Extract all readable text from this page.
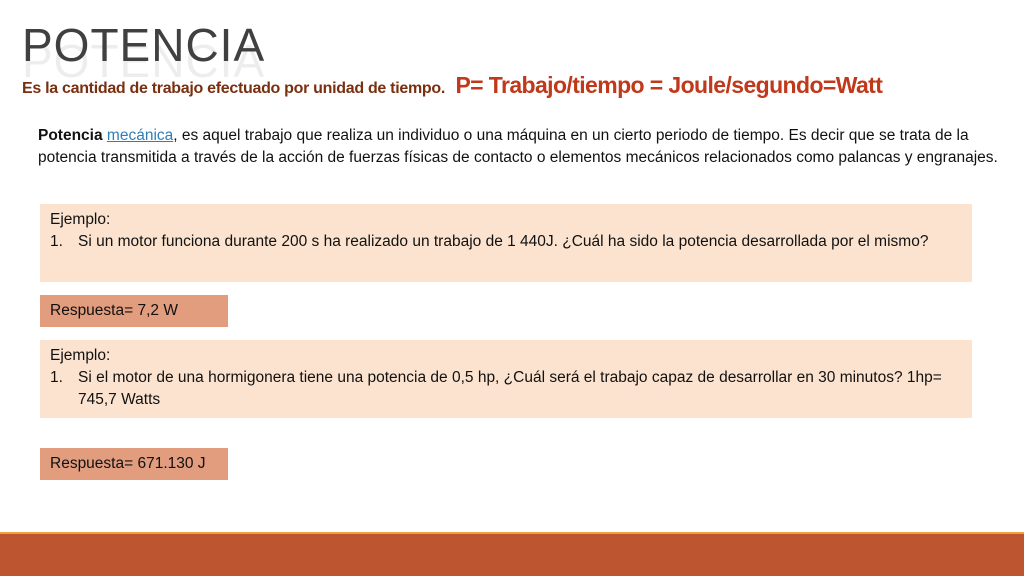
POTENCIA
Es la cantidad de trabajo efectuado por unidad de tiempo. P= Trabajo/tiempo = Joule/segundo=Watt
Potencia mecánica, es aquel trabajo que realiza un individuo o una máquina en un cierto periodo de tiempo. Es decir que se trata de la potencia transmitida a través de la acción de fuerzas físicas de contacto o elementos mecánicos relacionados como palancas y engranajes.
Ejemplo:
1. Si un motor funciona durante 200 s ha realizado un trabajo de 1 440J. ¿Cuál ha sido la potencia desarrollada por el mismo?
Respuesta= 7,2 W
Ejemplo:
1. Si el motor de una hormigonera tiene una potencia de 0,5 hp, ¿Cuál será el trabajo capaz de desarrollar en 30 minutos? 1hp= 745,7 Watts
Respuesta= 671.130 J
